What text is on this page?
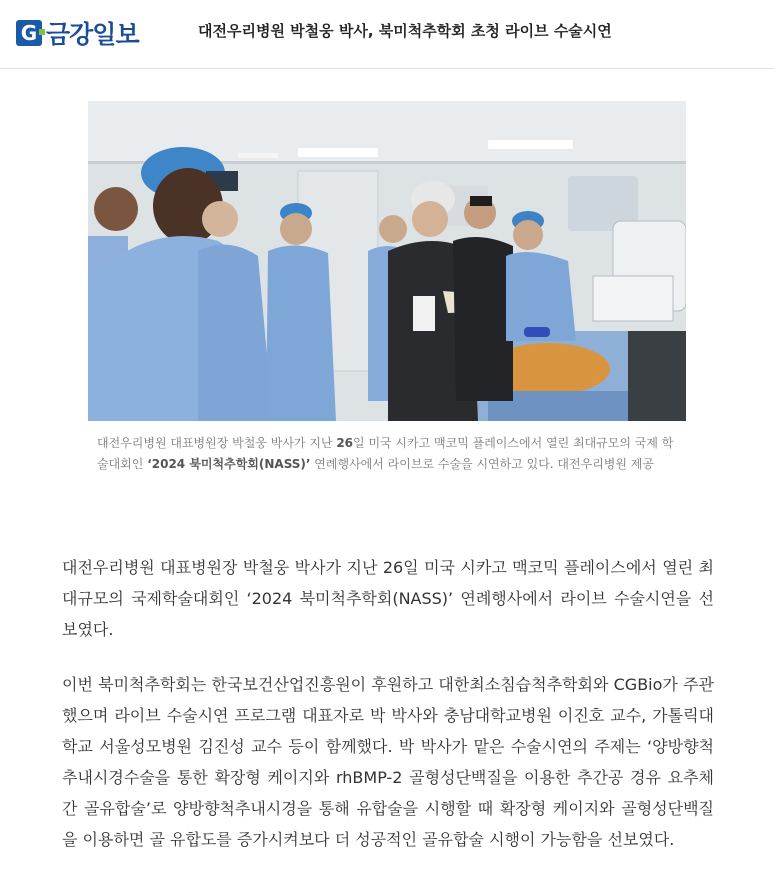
G 금강일보	대전우리병원 박철웅 박사, 북미척추학회 초청 라이브 수술시연
대전우리병원 대표병원장 박철웅 박사가 지난 26일 미국 시카고 맥코믹 플레이스에서 열린 최대규모의 국제 학술대회인 ‘2024 북미척추학회(NASS)’ 연례행사에서 라이브로 수술을 시연하고 있다. 대전우리병원 제공

대전우리병원 대표병원장 박철웅 박사가 지난 26일 미국 시카고 맥코믹 플레이스에서 열린 최대규모의 국제학술대회인 ‘2024 북미척추학회(NASS)’ 연례행사에서 라이브 수술시연을 선보였다.

이번 북미척추학회는 한국보건산업진흥원이 후원하고 대한최소침습척추학회와 CGBio가 주관했으며 라이브 수술시연 프로그램 대표자로 박 박사와 충남대학교병원 이진호 교수, 가톨릭대학교 서울성모병원 김진성 교수 등이 함께했다. 박 박사가 맡은 수술시연의 주제는 ‘양방향척추내시경수술을 통한 확장형 케이지와 rhBMP-2 골형성단백질을 이용한 추간공 경유 요추체간 골유합술’로 양방향척추내시경을 통해 유합술을 시행할 때 확장형 케이지와 골형성단백질을 이용하면 골 유합도를 증가시켜보다 더 성공적인 골유합술 시행이 가능함을 선보였다.
